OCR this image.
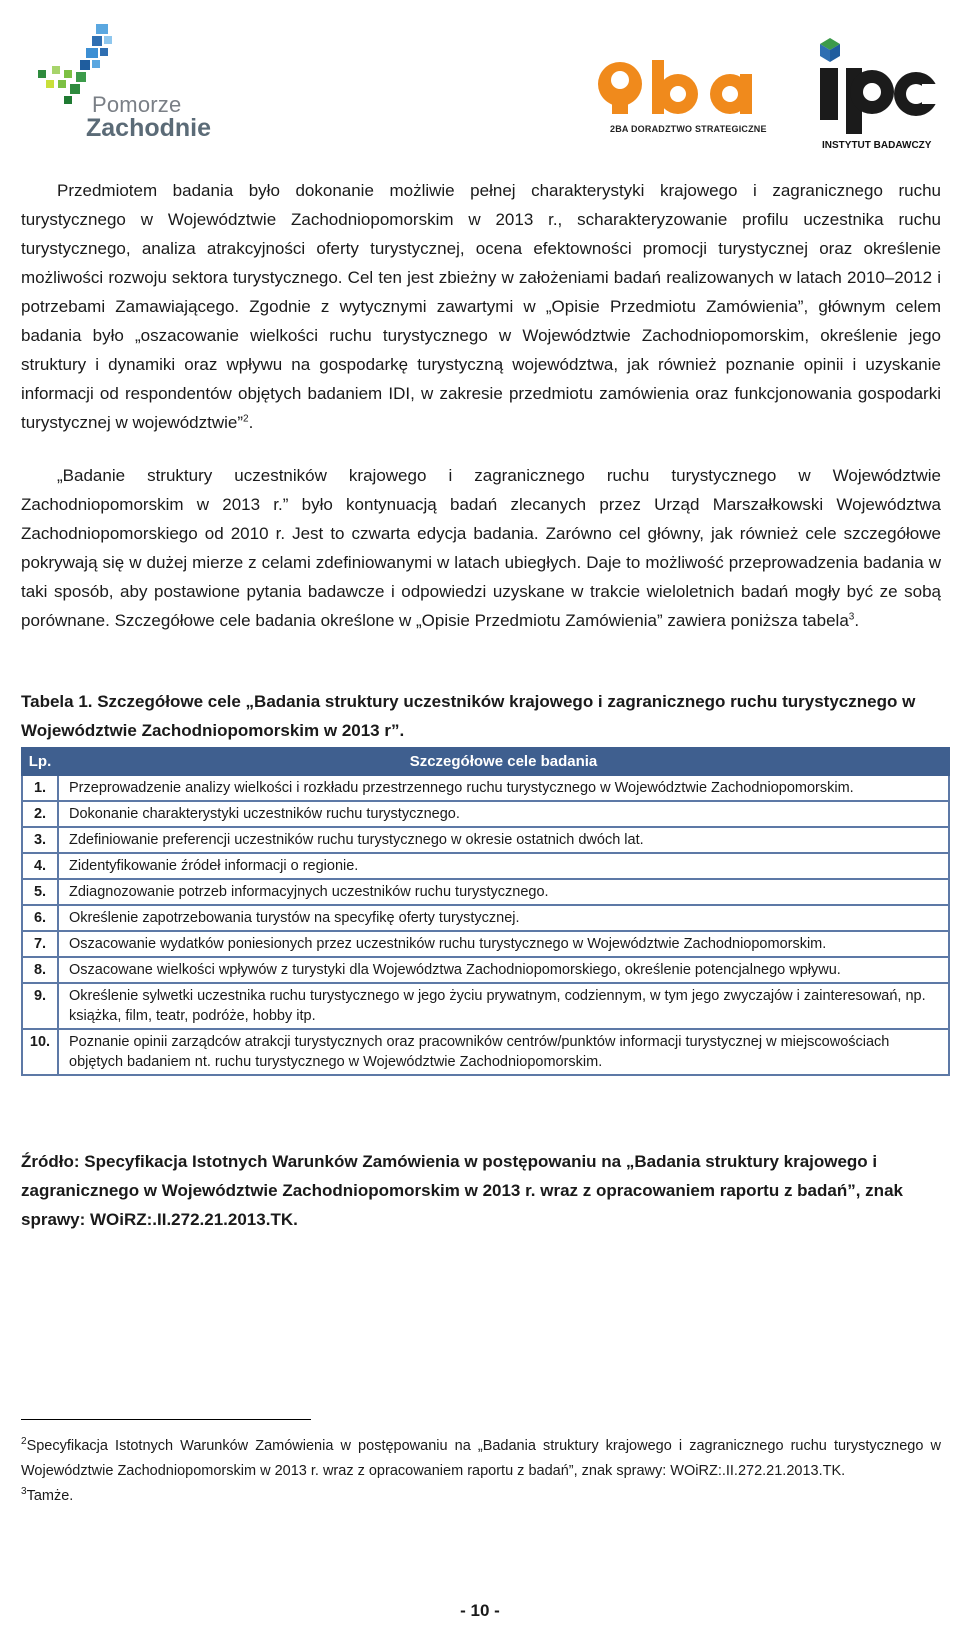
Pomorze
Zachodnie	2BA DORADZTWO STRATEGICZNE
INSTYTUT BADAWCZY
Przedmiotem badania było dokonanie możliwie pełnej charakterystyki krajowego i zagranicznego ruchu turystycznego w Województwie Zachodniopomorskim w 2013 r., scharakteryzowanie profilu uczestnika ruchu turystycznego, analiza atrakcyjności oferty turystycznej, ocena efektowności promocji turystycznej oraz określenie możliwości rozwoju sektora turystycznego. Cel ten jest zbieżny w założeniami badań realizowanych w latach 2010–2012 i potrzebami Zamawiającego. Zgodnie z wytycznymi zawartymi w „Opisie Przedmiotu Zamówienia”, głównym celem badania było „oszacowanie wielkości ruchu turystycznego w Województwie Zachodniopomorskim, określenie jego struktury i dynamiki oraz wpływu na gospodarkę turystyczną województwa, jak również poznanie opinii i uzyskanie informacji od respondentów objętych badaniem IDI, w zakresie przedmiotu zamówienia oraz funkcjonowania gospodarki turystycznej w województwie”$^2$.
„Badanie struktury uczestników krajowego i zagranicznego ruchu turystycznego w Województwie Zachodniopomorskim w 2013 r.” było kontynuacją badań zlecanych przez Urząd Marszałkowski Województwa Zachodniopomorskiego od 2010 r. Jest to czwarta edycja badania. Zarówno cel główny, jak również cele szczegółowe pokrywają się w dużej mierze z celami zdefiniowanymi w latach ubiegłych. Daje to możliwość przeprowadzenia badania w taki sposób, aby postawione pytania badawcze i odpowiedzi uzyskane w trakcie wieloletnich badań mogły być ze sobą porównane. Szczegółowe cele badania określone w „Opisie Przedmiotu Zamówienia” zawiera poniższa tabela$^3$.
Tabela 1. Szczegółowe cele „Badania struktury uczestników krajowego i zagranicznego ruchu turystycznego w Województwie Zachodniopomorskim w 2013 r”.
Lp.	Szczegółowe cele badania
1.	Przeprowadzenie analizy wielkości i rozkładu przestrzennego ruchu turystycznego w Województwie Zachodniopomorskim.
2.	Dokonanie charakterystyki uczestników ruchu turystycznego.
3.	Zdefiniowanie preferencji uczestników ruchu turystycznego w okresie ostatnich dwóch lat.
4.	Zidentyfikowanie źródeł informacji o regionie.
5.	Zdiagnozowanie potrzeb informacyjnych uczestników ruchu turystycznego.
6.	Określenie zapotrzebowania turystów na specyfikę oferty turystycznej.
7.	Oszacowanie wydatków poniesionych przez uczestników ruchu turystycznego w Województwie Zachodniopomorskim.
8.	Oszacowane wielkości wpływów z turystyki dla Województwa Zachodniopomorskiego, określenie potencjalnego wpływu.
9.	Określenie sylwetki uczestnika ruchu turystycznego w jego życiu prywatnym, codziennym, w tym jego zwyczajów i zainteresowań, np. książka, film, teatr, podróże, hobby itp.
10.	Poznanie opinii zarządców atrakcji turystycznych oraz pracowników centrów/punktów informacji turystycznej w miejscowościach objętych badaniem nt. ruchu turystycznego w Województwie Zachodniopomorskim.
Źródło: Specyfikacja Istotnych Warunków Zamówienia w postępowaniu na „Badania struktury krajowego i zagranicznego w Województwie Zachodniopomorskim w 2013 r. wraz z opracowaniem raportu z badań”, znak sprawy: WOiRZ:.II.272.21.2013.TK.
$^2$Specyfikacja Istotnych Warunków Zamówienia w postępowaniu na „Badania struktury krajowego i zagranicznego ruchu turystycznego w Województwie Zachodniopomorskim w 2013 r. wraz z opracowaniem raportu z badań”, znak sprawy: WOiRZ:.II.272.21.2013.TK.
$^3$Tamże.
- 10 -
